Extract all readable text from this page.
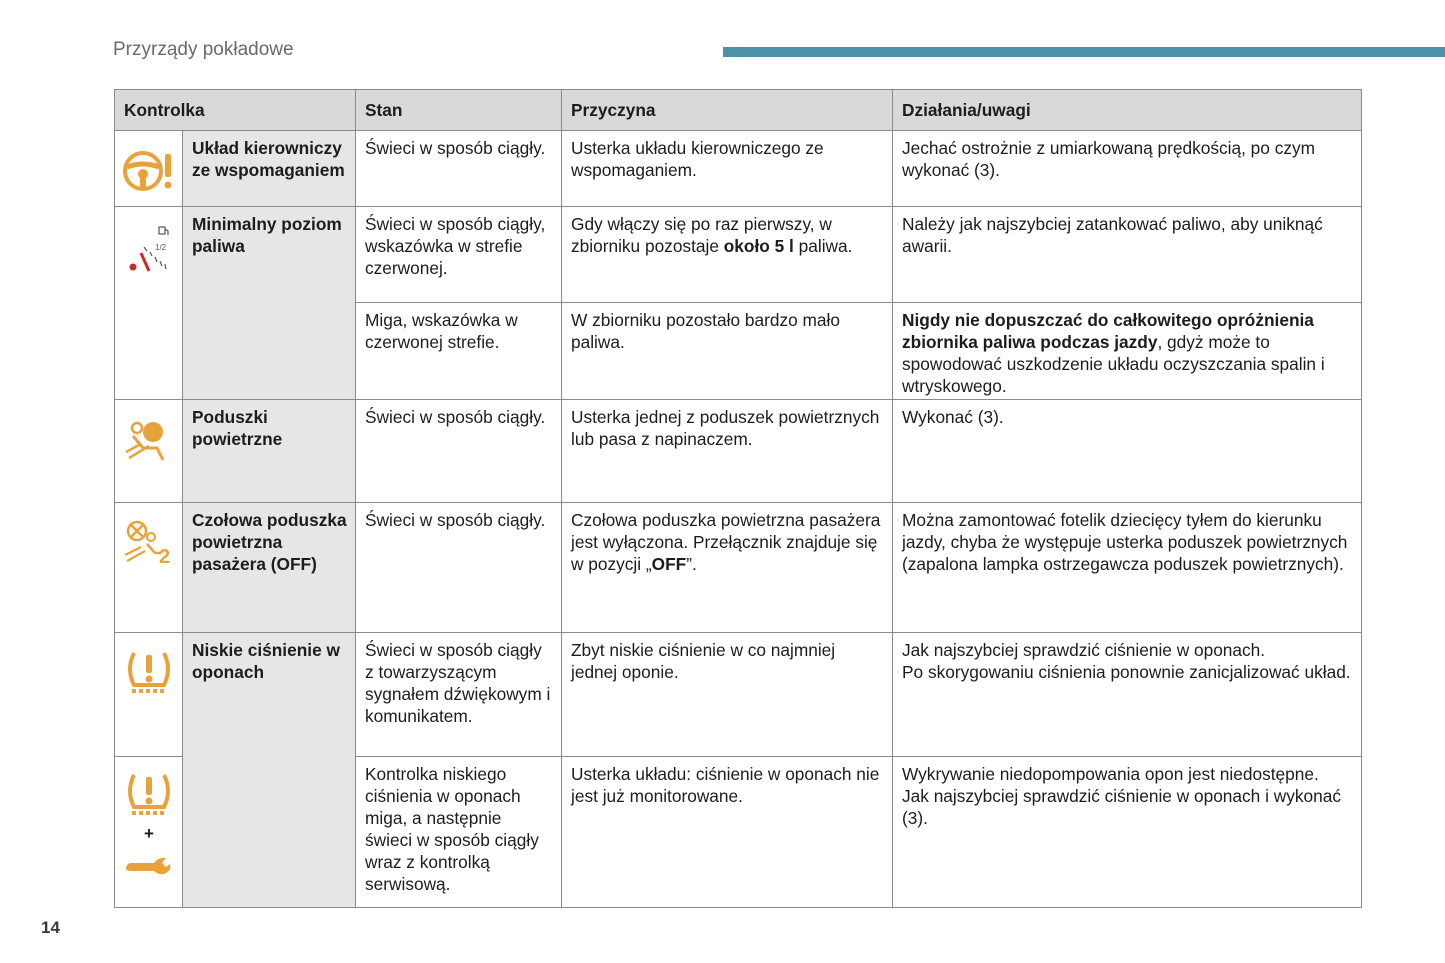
Przyrządy pokładowe
Kontrolka		Stan	Przyczyna	Działania/uwagi

	Układ kierowniczy ze wspomaganiem	Świeci w sposób ciągły.	Usterka układu kierowniczego ze wspomaganiem.	Jechać ostrożnie z umiarkowaną prędkością, po czym wykonać (3).

1/2	Minimalny poziom paliwa	Świeci w sposób ciągły, wskazówka w strefie czerwonej.	Gdy włączy się po raz pierwszy, w zbiorniku pozostaje około 5 l paliwa.	Należy jak najszybciej zatankować paliwo, aby uniknąć awarii.
		Miga, wskazówka w czerwonej strefie.	W zbiorniku pozostało bardzo mało paliwa.	Nigdy nie dopuszczać do całkowitego opróżnienia zbiornika paliwa podczas jazdy, gdyż może to spowodować uszkodzenie układu oczyszczania spalin i wtryskowego.

	Poduszki powietrzne	Świeci w sposób ciągły.	Usterka jednej z poduszek powietrznych lub pasa z napinaczem.	Wykonać (3).

2	Czołowa poduszka powietrzna pasażera (OFF)	Świeci w sposób ciągły.	Czołowa poduszka powietrzna pasażera jest wyłączona. Przełącznik znajduje się w pozycji „OFF”.	Można zamontować fotelik dziecięcy tyłem do kierunku jazdy, chyba że występuje usterka poduszek powietrznych (zapalona lampka ostrzegawcza poduszek powietrznych).

	Niskie ciśnienie w oponach	Świeci w sposób ciągły z towarzyszącym sygnałem dźwiękowym i komunikatem.	Zbyt niskie ciśnienie w co najmniej jednej oponie.	Jak najszybciej sprawdzić ciśnienie w oponach.
Po skorygowaniu ciśnienia ponownie zanicjalizować układ.

+		Kontrolka niskiego ciśnienia w oponach miga, a następnie świeci w sposób ciągły wraz z kontrolką serwisową.	Usterka układu: ciśnienie w oponach nie jest już monitorowane.	Wykrywanie niedopompowania opon jest niedostępne.
Jak najszybciej sprawdzić ciśnienie w oponach i wykonać (3).
14
